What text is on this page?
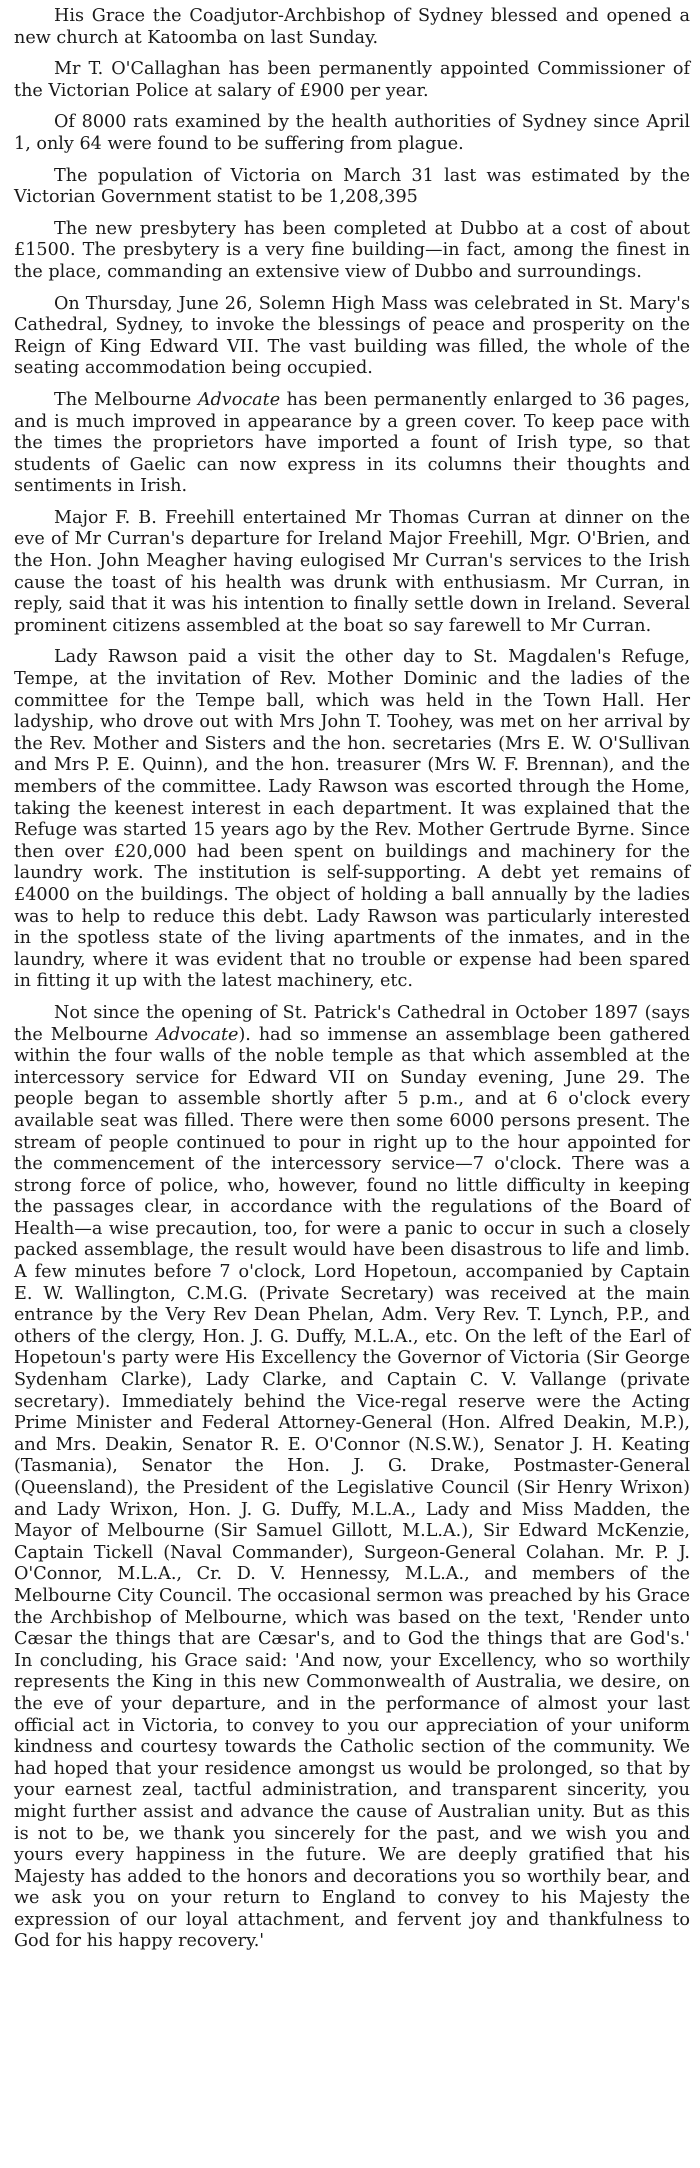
His Grace the Coadjutor-Archbishop of Sydney blessed and opened a new church at Katoomba on last Sunday.

Mr T. O'Callaghan has been permanently appointed Commissioner of the Victorian Police at salary of £900 per year.

Of 8000 rats examined by the health authorities of Sydney since April 1, only 64 were found to be suffering from plague.

The population of Victoria on March 31 last was estimated by the Victorian Government statist to be 1,208,395

The new presbytery has been completed at Dubbo at a cost of about £1500. The presbytery is a very fine building—in fact, among the finest in the place, commanding an extensive view of Dubbo and surroundings.

On Thursday, June 26, Solemn High Mass was celebrated in St. Mary's Cathedral, Sydney, to invoke the blessings of peace and prosperity on the Reign of King Edward VII. The vast building was filled, the whole of the seating accommodation being occupied.

The Melbourne Advocate has been permanently enlarged to 36 pages, and is much improved in appearance by a green cover. To keep pace with the times the proprietors have imported a fount of Irish type, so that students of Gaelic can now express in its columns their thoughts and sentiments in Irish.

Major F. B. Freehill entertained Mr Thomas Curran at dinner on the eve of Mr Curran's departure for Ireland Major Freehill, Mgr. O'Brien, and the Hon. John Meagher having eulogised Mr Curran's services to the Irish cause the toast of his health was drunk with enthusiasm. Mr Curran, in reply, said that it was his intention to finally settle down in Ireland. Several prominent citizens assembled at the boat so say farewell to Mr Curran.

Lady Rawson paid a visit the other day to St. Magdalen's Refuge, Tempe, at the invitation of Rev. Mother Dominic and the ladies of the committee for the Tempe ball, which was held in the Town Hall. Her ladyship, who drove out with Mrs John T. Toohey, was met on her arrival by the Rev. Mother and Sisters and the hon. secretaries (Mrs E. W. O'Sullivan and Mrs P. E. Quinn), and the hon. treasurer (Mrs W. F. Brennan), and the members of the committee. Lady Rawson was escorted through the Home, taking the keenest interest in each department. It was explained that the Refuge was started 15 years ago by the Rev. Mother Gertrude Byrne. Since then over £20,000 had been spent on buildings and machinery for the laundry work. The institution is self-supporting. A debt yet remains of £4000 on the buildings. The object of holding a ball annually by the ladies was to help to reduce this debt. Lady Rawson was particularly interested in the spotless state of the living apartments of the inmates, and in the laundry, where it was evident that no trouble or expense had been spared in fitting it up with the latest machinery, etc.

Not since the opening of St. Patrick's Cathedral in October 1897 (says the Melbourne Advocate). had so immense an assemblage been gathered within the four walls of the noble temple as that which assembled at the intercessory service for Edward VII on Sunday evening, June 29. The people began to assemble shortly after 5 p.m., and at 6 o'clock every available seat was filled. There were then some 6000 persons present. The stream of people continued to pour in right up to the hour appointed for the commencement of the intercessory service—7 o'clock. There was a strong force of police, who, however, found no little difficulty in keeping the passages clear, in accordance with the regulations of the Board of Health—a wise precaution, too, for were a panic to occur in such a closely packed assemblage, the result would have been disastrous to life and limb. A few minutes before 7 o'clock, Lord Hopetoun, accompanied by Captain E. W. Wallington, C.M.G. (Private Secretary) was received at the main entrance by the Very Rev Dean Phelan, Adm. Very Rev. T. Lynch, P.P., and others of the clergy, Hon. J. G. Duffy, M.L.A., etc. On the left of the Earl of Hopetoun's party were His Excellency the Governor of Victoria (Sir George Sydenham Clarke), Lady Clarke, and Captain C. V. Vallange (private secretary). Immediately behind the Vice-regal reserve were the Acting Prime Minister and Federal Attorney-General (Hon. Alfred Deakin, M.P.), and Mrs. Deakin, Senator R. E. O'Connor (N.S.W.), Senator J. H. Keating (Tasmania), Senator the Hon. J. G. Drake, Postmaster-General (Queensland), the President of the Legislative Council (Sir Henry Wrixon) and Lady Wrixon, Hon. J. G. Duffy, M.L.A., Lady and Miss Madden, the Mayor of Melbourne (Sir Samuel Gillott, M.L.A.), Sir Edward McKenzie, Captain Tickell (Naval Commander), Surgeon-General Colahan. Mr. P. J. O'Connor, M.L.A., Cr. D. V. Hennessy, M.L.A., and members of the Melbourne City Council. The occasional sermon was preached by his Grace the Archbishop of Melbourne, which was based on the text, 'Render unto Cæsar the things that are Cæsar's, and to God the things that are God's.' In concluding, his Grace said: 'And now, your Excellency, who so worthily represents the King in this new Commonwealth of Australia, we desire, on the eve of your departure, and in the performance of almost your last official act in Victoria, to convey to you our appreciation of your uniform kindness and courtesy towards the Catholic section of the community. We had hoped that your residence amongst us would be prolonged, so that by your earnest zeal, tactful administration, and transparent sincerity, you might further assist and advance the cause of Australian unity. But as this is not to be, we thank you sincerely for the past, and we wish you and yours every happiness in the future. We are deeply gratified that his Majesty has added to the honors and decorations you so worthily bear, and we ask you on your return to England to convey to his Majesty the expression of our loyal attachment, and fervent joy and thankfulness to God for his happy recovery.'
